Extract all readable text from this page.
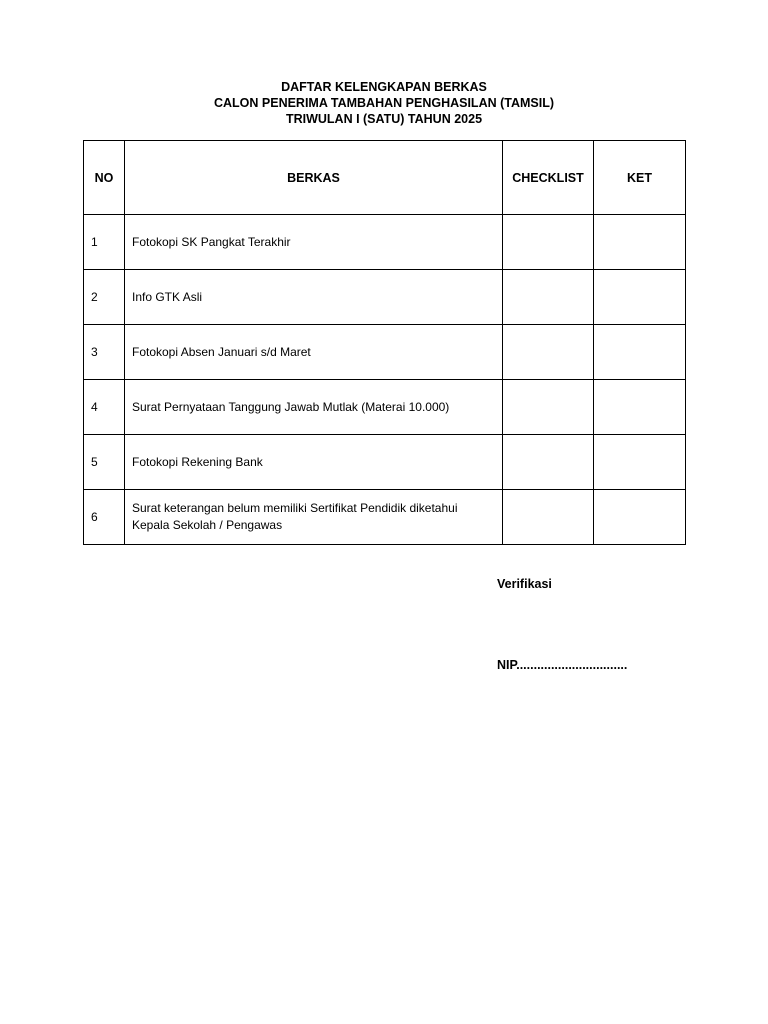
DAFTAR KELENGKAPAN BERKAS
CALON PENERIMA TAMBAHAN PENGHASILAN (TAMSIL)
TRIWULAN I (SATU) TAHUN 2025
NO	BERKAS	CHECKLIST	KET
1	Fotokopi SK Pangkat Terakhir		
2	Info GTK Asli		
3	Fotokopi Absen Januari s/d Maret		
4	Surat Pernyataan Tanggung Jawab Mutlak (Materai 10.000)		
5	Fotokopi Rekening Bank		
6	Surat keterangan belum memiliki Sertifikat Pendidik diketahui Kepala Sekolah / Pengawas		
Verifikasi
NIP................................
